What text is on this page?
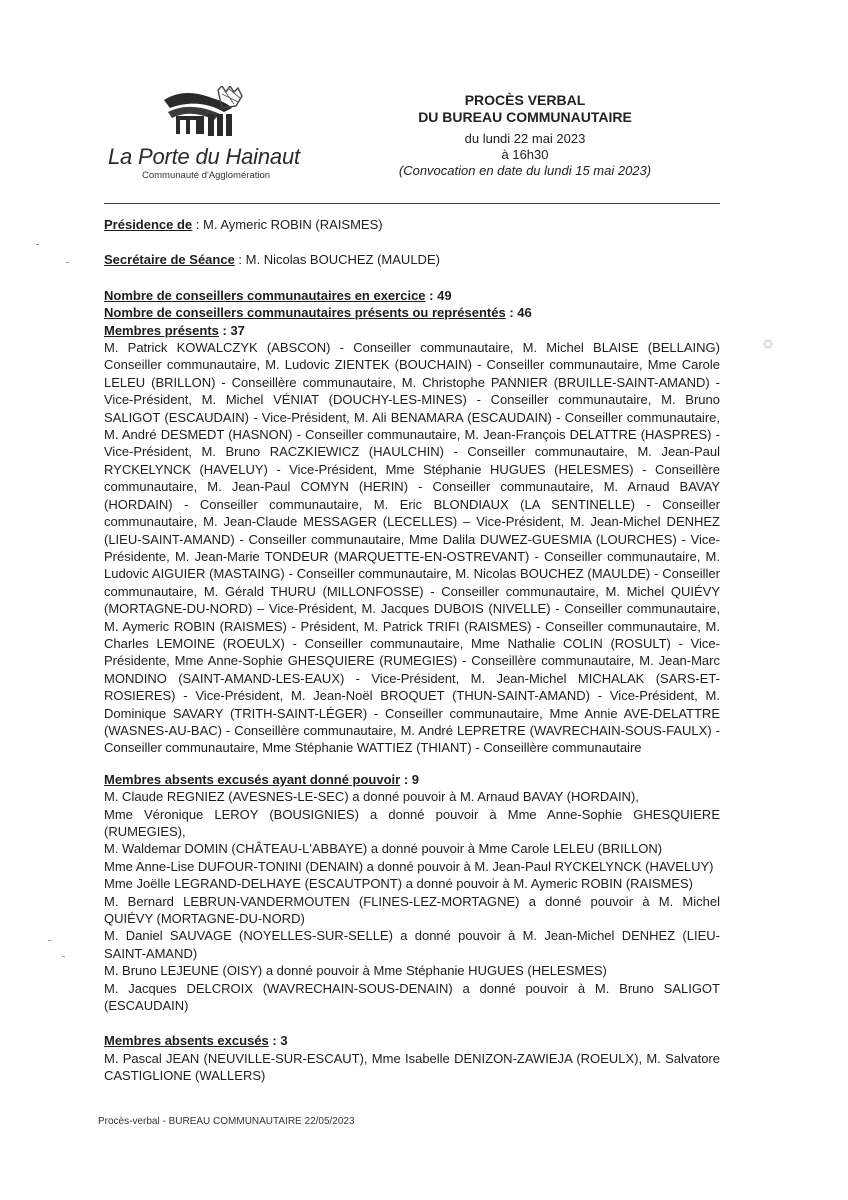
La Porte du Hainaut
Communauté d'Agglomération
PROCÈS VERBAL
DU BUREAU COMMUNAUTAIRE
du lundi 22 mai 2023
à 16h30
(Convocation en date du lundi 15 mai 2023)

Présidence de : M. Aymeric ROBIN (RAISMES)

Secrétaire de Séance : M. Nicolas BOUCHEZ (MAULDE)

Nombre de conseillers communautaires en exercice : 49

Nombre de conseillers communautaires présents ou représentés : 46

Membres présents : 37

M. Patrick KOWALCZYK (ABSCON) - Conseiller communautaire, M. Michel BLAISE (BELLAING) Conseiller communautaire, M. Ludovic ZIENTEK (BOUCHAIN) - Conseiller communautaire, Mme Carole LELEU (BRILLON) - Conseillère communautaire, M. Christophe PANNIER (BRUILLE-SAINT-AMAND) - Vice-Président, M. Michel VÉNIAT (DOUCHY-LES-MINES) - Conseiller communautaire, M. Bruno SALIGOT (ESCAUDAIN) - Vice-Président, M. Ali BENAMARA (ESCAUDAIN) - Conseiller communautaire, M. André DESMEDT (HASNON) - Conseiller communautaire, M. Jean-François DELATTRE (HASPRES) - Vice-Président, M. Bruno RACZKIEWICZ (HAULCHIN) - Conseiller communautaire, M. Jean-Paul RYCKELYNCK (HAVELUY) - Vice-Président, Mme Stéphanie HUGUES (HELESMES) - Conseillère communautaire, M. Jean-Paul COMYN (HERIN) - Conseiller communautaire, M. Arnaud BAVAY (HORDAIN) - Conseiller communautaire, M. Eric BLONDIAUX (LA SENTINELLE) - Conseiller communautaire, M. Jean-Claude MESSAGER (LECELLES) – Vice-Président, M. Jean-Michel DENHEZ (LIEU-SAINT-AMAND) - Conseiller communautaire, Mme Dalila DUWEZ-GUESMIA (LOURCHES) - Vice-Présidente, M. Jean-Marie TONDEUR (MARQUETTE-EN-OSTREVANT) - Conseiller communautaire, M. Ludovic AIGUIER (MASTAING) - Conseiller communautaire, M. Nicolas BOUCHEZ (MAULDE) - Conseiller communautaire, M. Gérald THURU (MILLONFOSSE) - Conseiller communautaire, M. Michel QUIÉVY (MORTAGNE-DU-NORD) – Vice-Président, M. Jacques DUBOIS (NIVELLE) - Conseiller communautaire, M. Aymeric ROBIN (RAISMES) - Président, M. Patrick TRIFI (RAISMES) - Conseiller communautaire, M. Charles LEMOINE (ROEULX) - Conseiller communautaire, Mme Nathalie COLIN (ROSULT) - Vice-Présidente, Mme Anne-Sophie GHESQUIERE (RUMEGIES) - Conseillère communautaire, M. Jean-Marc MONDINO (SAINT-AMAND-LES-EAUX) - Vice-Président, M. Jean-Michel MICHALAK (SARS-ET-ROSIERES) - Vice-Président, M. Jean-Noël BROQUET (THUN-SAINT-AMAND) - Vice-Président, M. Dominique SAVARY (TRITH-SAINT-LÉGER) - Conseiller communautaire, Mme Annie AVE-DELATTRE (WASNES-AU-BAC) - Conseillère communautaire, M. André LEPRETRE (WAVRECHAIN-SOUS-FAULX) - Conseiller communautaire, Mme Stéphanie WATTIEZ (THIANT) - Conseillère communautaire

Membres absents excusés ayant donné pouvoir : 9

M. Claude REGNIEZ (AVESNES-LE-SEC) a donné pouvoir à M. Arnaud BAVAY (HORDAIN),

Mme Véronique LEROY (BOUSIGNIES) a donné pouvoir à Mme Anne-Sophie GHESQUIERE (RUMEGIES),

M. Waldemar DOMIN (CHÂTEAU-L'ABBAYE) a donné pouvoir à Mme Carole LELEU (BRILLON)

Mme Anne-Lise DUFOUR-TONINI (DENAIN) a donné pouvoir à M. Jean-Paul RYCKELYNCK (HAVELUY)

Mme Joëlle LEGRAND-DELHAYE (ESCAUTPONT) a donné pouvoir à M. Aymeric ROBIN (RAISMES)

M. Bernard LEBRUN-VANDERMOUTEN (FLINES-LEZ-MORTAGNE) a donné pouvoir à M. Michel QUIÉVY (MORTAGNE-DU-NORD)

M. Daniel SAUVAGE (NOYELLES-SUR-SELLE) a donné pouvoir à M. Jean-Michel DENHEZ (LIEU-SAINT-AMAND)

M. Bruno LEJEUNE (OISY) a donné pouvoir à Mme Stéphanie HUGUES (HELESMES)

M. Jacques DELCROIX (WAVRECHAIN-SOUS-DENAIN) a donné pouvoir à M. Bruno SALIGOT (ESCAUDAIN)

Membres absents excusés : 3

M. Pascal JEAN (NEUVILLE-SUR-ESCAUT), Mme Isabelle DENIZON-ZAWIEJA (ROEULX), M. Salvatore CASTIGLIONE (WALLERS)

Procès-verbal - BUREAU COMMUNAUTAIRE 22/05/2023
